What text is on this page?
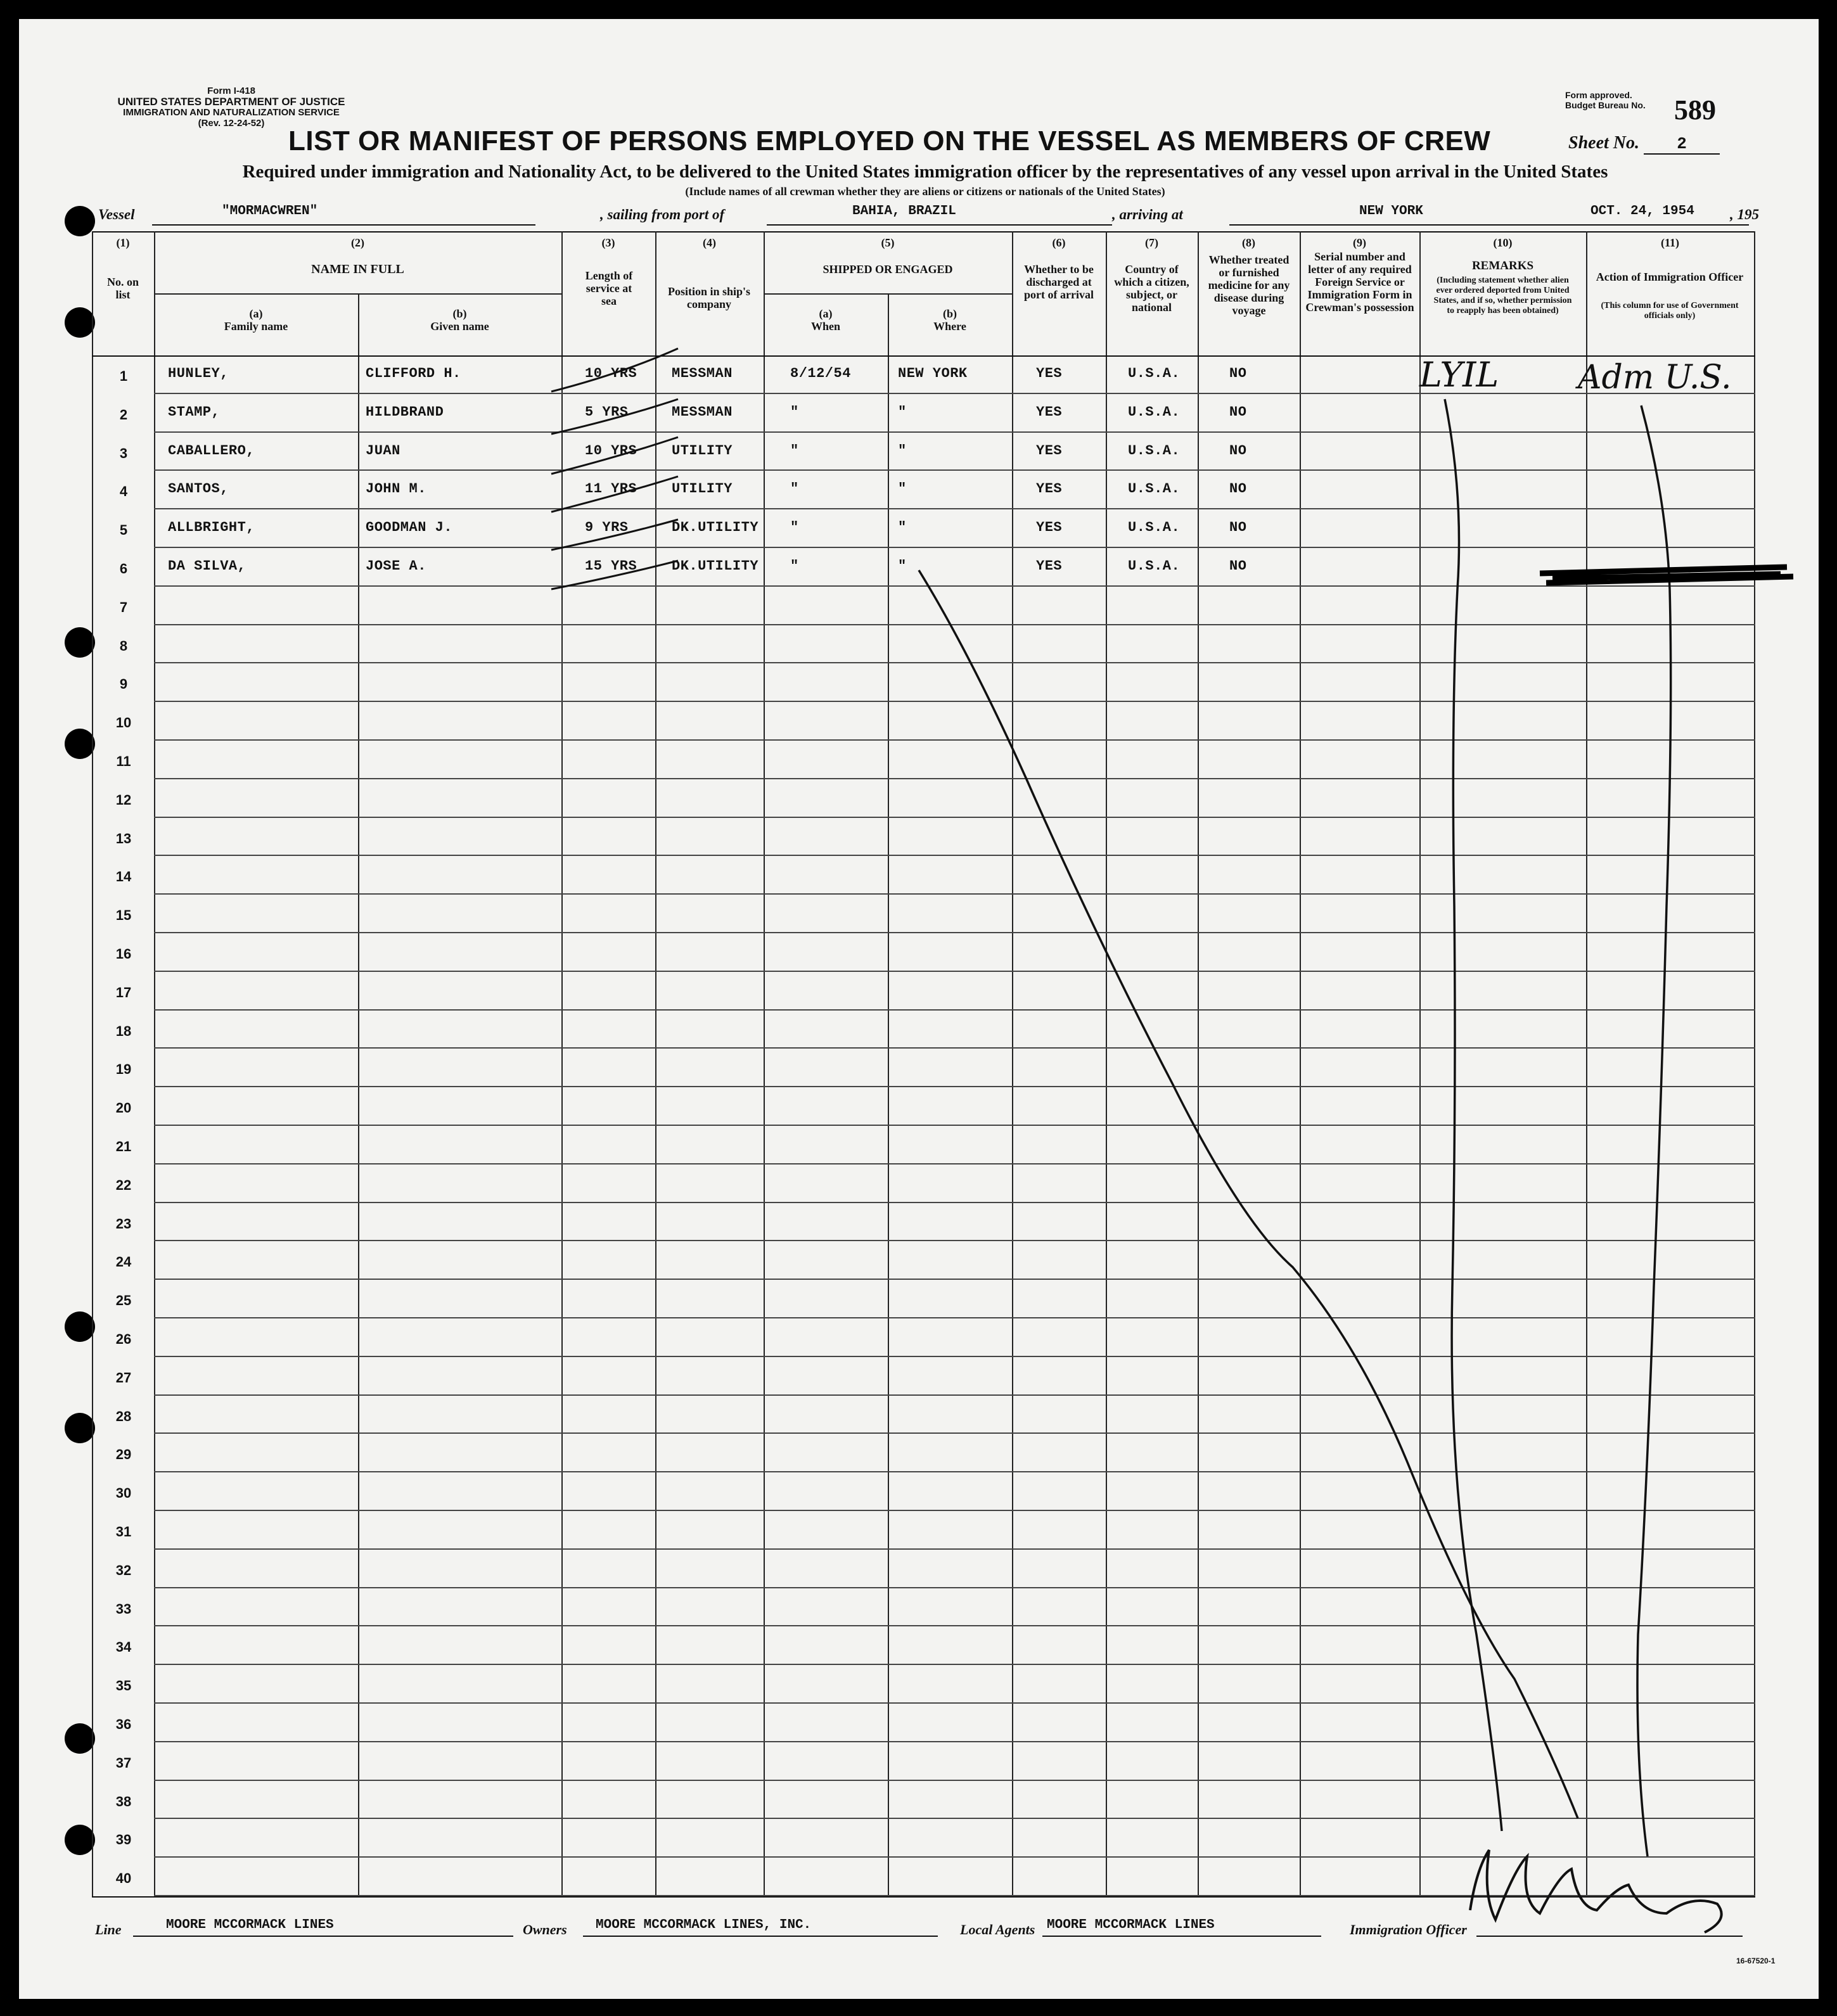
Form I-418
UNITED STATES DEPARTMENT OF JUSTICE
IMMIGRATION AND NATURALIZATION SERVICE
(Rev. 12-24-52)
Form approved.
Budget Bureau No.	589
LIST OR MANIFEST OF PERSONS EMPLOYED ON THE VESSEL AS MEMBERS OF CREW	Sheet No. 2
Required under immigration and Nationality Act, to be delivered to the United States immigration officer by the representatives of any vessel upon arrival in the United States
(Include names of all crewman whether they are aliens or citizens or nationals of the United States)
Vessel	"MORMACWREN"	, sailing from port of	BAHIA, BRAZIL	, arriving at	NEW YORK	OCT. 24, 1954 , 195
(1)	(2)	(3)	(4)	(5)	(6)	(7)	(8)	(9)	(10)	(11)
No. on list
NAME IN FULL
(a)
Family name
(b)
Given name
Length of service at sea
Position in ship's company
SHIPPED OR ENGAGED
(a)
When
(b)
Where
Whether to be discharged at port of arrival
Country of which a citizen, subject, or national
Whether treated or furnished medicine for any disease during voyage
Serial number and letter of any required Foreign Service or Immigration Form in Crewman's possession
REMARKS
(Including statement whether alien ever ordered deported from United States, and if so, whether permission to reapply has been obtained)
Action of Immigration Officer
(This column for use of Government officials only)
1
2
3
4
5
6
7
8
9
10
11
12
13
14
15
16
17
18
19
20
21
22
23
24
25
26
27
28
29
30
31
32
33
34
35
36
37
38
39
40
HUNLEY,	CLIFFORD H.	10 YRS MESSMAN	8/12/54	NEW YORK	YES	U.S.A.	NO
STAMP,	HILDBRAND	5 YRS	MESSMAN	"	"	YES	U.S.A.	NO
CABALLERO,	JUAN	10 YRS UTILITY	"	"	YES	U.S.A.	NO
SANTOS,	JOHN M.	11 YRS UTILITY	"	"	YES	U.S.A.	NO
ALLBRIGHT,	GOODMAN J.	9 YRS	DK.UTILITY "	"	YES	U.S.A.	NO
DA SILVA,	JOSE A.	15 YRS DK.UTILITY "	"	YES	U.S.A.	NO
Line	MOORE MCCORMACK LINES	Owners MOORE MCCORMACK LINES, INC.	Local Agents MOORE MCCORMACK LINES	Immigration Officer
16-67520-1
LYIL Adm U.S.
